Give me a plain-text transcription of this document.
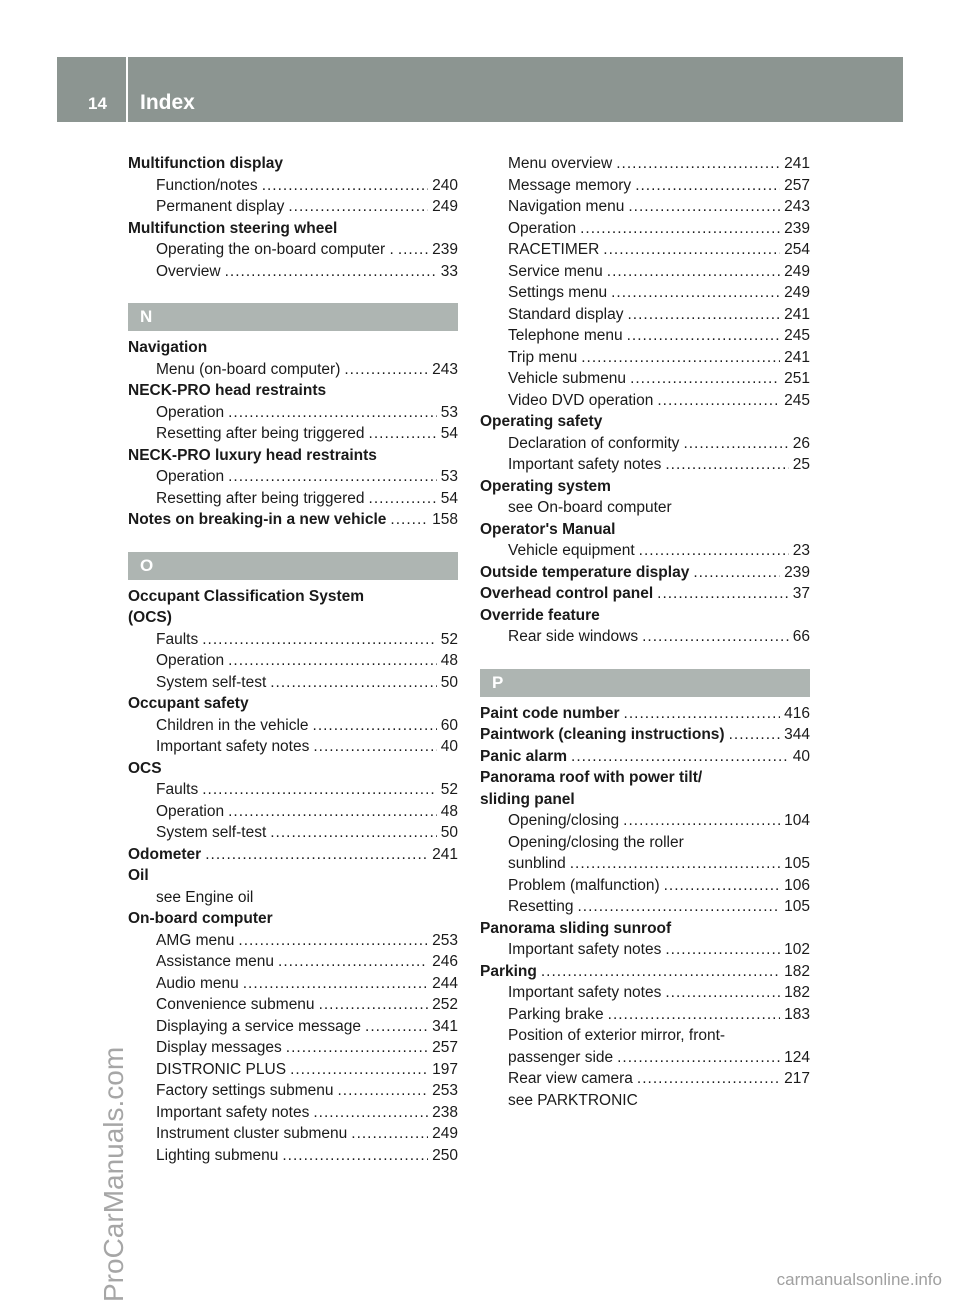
14 Index
Multifunction display
Function/notes .....	240
Permanent display .....	249
Multifunction steering wheel
Operating the on-board computer . ..... 239
Overview .....	33
N
Navigation
Menu (on-board computer) .....	243
NECK-PRO head restraints
Operation .....	53
Resetting after being triggered .....	54
NECK-PRO luxury head restraints
Operation .....	53
Resetting after being triggered .....	54
Notes on breaking-in a new vehicle .....	158
O
Occupant Classification System
(OCS)
Faults .....	52
Operation .....	48
System self-test .....	50
Occupant safety
Children in the vehicle .....	60
Important safety notes .....	40
OCS
Faults .....	52
Operation .....	48
System self-test .....	50
Odometer .....	241
Oil
see Engine oil
On-board computer
AMG menu .....	253
Assistance menu .....	246
Audio menu .....	244
Convenience submenu .....	252
Displaying a service message .....	341
Display messages .....	257
DISTRONIC PLUS .....	197
Factory settings submenu .....	253
Important safety notes .....	238
Instrument cluster submenu .....	249
Lighting submenu .....	250
Menu overview .....	241
Message memory .....	257
Navigation menu .....	243
Operation .....	239
RACETIMER .....	254
Service menu .....	249
Settings menu .....	249
Standard display .....	241
Telephone menu .....	245
Trip menu .....	241
Vehicle submenu .....	251
Video DVD operation .....	245
Operating safety
Declaration of conformity .....	26
Important safety notes .....	25
Operating system
see On-board computer
Operator's Manual
Vehicle equipment .....	23
Outside temperature display .....	239
Overhead control panel .....	37
Override feature
Rear side windows .....	66
P
Paint code number .....	416
Paintwork (cleaning instructions) .....	344
Panic alarm .....	40
Panorama roof with power tilt/
sliding panel
Opening/closing .....	104
Opening/closing the roller
sunblind .....	105
Problem (malfunction) .....	106
Resetting .....	105
Panorama sliding sunroof
Important safety notes .....	102
Parking .....	182
Important safety notes .....	182
Parking brake .....	183
Position of exterior mirror, front-
passenger side .....	124
Rear view camera .....	217
see PARKTRONIC
ProCarManuals.com	carmanualsonline.info
